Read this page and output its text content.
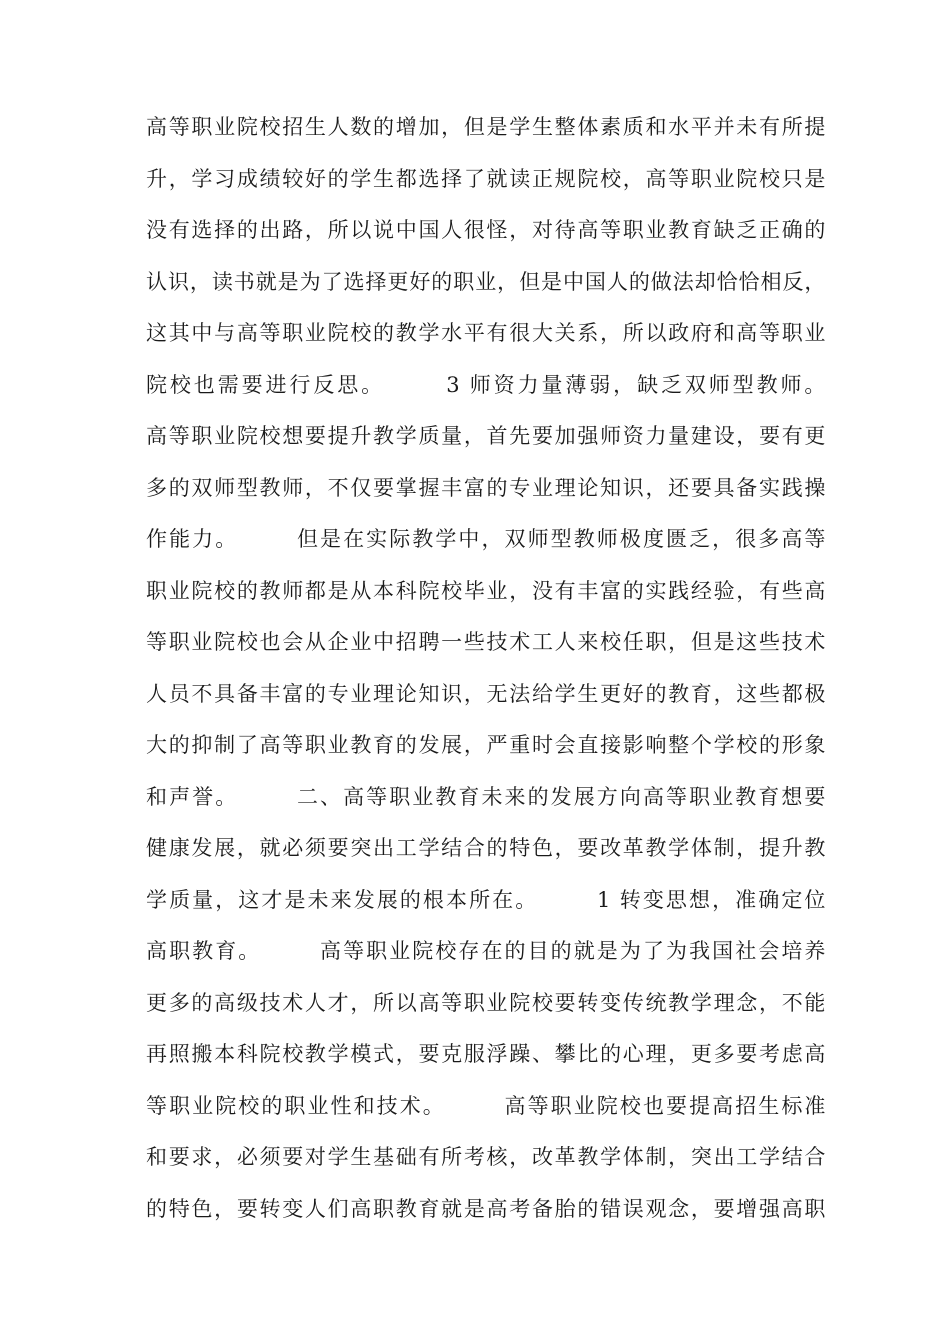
高等职业院校招生人数的增加，但是学生整体素质和水平并未有所提
升，学习成绩较好的学生都选择了就读正规院校，高等职业院校只是
没有选择的出路，所以说中国人很怪，对待高等职业教育缺乏正确的
认识，读书就是为了选择更好的职业，但是中国人的做法却恰恰相反，
这其中与高等职业院校的教学水平有很大关系，所以政府和高等职业
院校也需要进行反思。　　　3 师资力量薄弱，缺乏双师型教师。
高等职业院校想要提升教学质量，首先要加强师资力量建设，要有更
多的双师型教师，不仅要掌握丰富的专业理论知识，还要具备实践操
作能力。　　　但是在实际教学中，双师型教师极度匮乏，很多高等
职业院校的教师都是从本科院校毕业，没有丰富的实践经验，有些高
等职业院校也会从企业中招聘一些技术工人来校任职，但是这些技术
人员不具备丰富的专业理论知识，无法给学生更好的教育，这些都极
大的抑制了高等职业教育的发展，严重时会直接影响整个学校的形象
和声誉。　　　二、高等职业教育未来的发展方向高等职业教育想要
健康发展，就必须要突出工学结合的特色，要改革教学体制，提升教
学质量，这才是未来发展的根本所在。　　　1 转变思想，准确定位
高职教育。　　　高等职业院校存在的目的就是为了为我国社会培养
更多的高级技术人才，所以高等职业院校要转变传统教学理念，不能
再照搬本科院校教学模式，要克服浮躁、攀比的心理，更多要考虑高
等职业院校的职业性和技术。　　　高等职业院校也要提高招生标准
和要求，必须要对学生基础有所考核，改革教学体制，突出工学结合
的特色，要转变人们高职教育就是高考备胎的错误观念，要增强高职
